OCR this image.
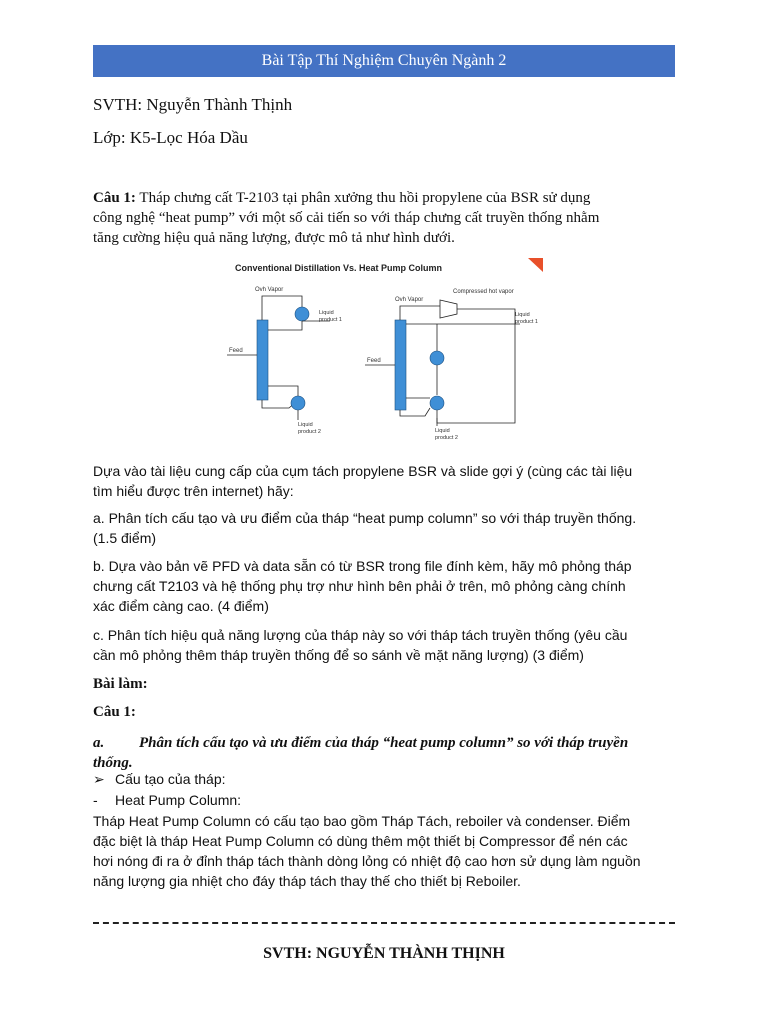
Bài Tập Thí Nghiệm Chuyên Ngành 2
SVTH: Nguyễn Thành Thịnh
Lớp: K5-Lọc Hóa Dầu
Câu 1: Tháp chưng cất T-2103 tại phân xưởng thu hồi propylene của BSR sử dụng
công nghệ “heat pump” với một số cải tiến so với tháp chưng cất truyền thống nhằm
tăng cường hiệu quả năng lượng, được mô tả như hình dưới.
Conventional Distillation Vs. Heat Pump Column
Ovh Vapor
Liquid
product 1
Feed
Liquid
product 2
Ovh Vapor
Compressed hot vapor
Liquid
product 1
Feed
Liquid
product 2
Dựa vào tài liệu cung cấp của cụm tách propylene BSR và slide gợi ý (cùng các tài liệu
tìm hiểu được trên internet) hãy:
a. Phân tích cấu tạo và ưu điểm của tháp “heat pump column” so với tháp truyền thống.
(1.5 điểm)
b. Dựa vào bản vẽ PFD và data sẵn có từ BSR trong file đính kèm, hãy mô phỏng tháp
chưng cất T2103 và hệ thống phụ trợ như hình bên phải ở trên, mô phỏng càng chính
xác điểm càng cao. (4 điểm)
c. Phân tích hiệu quả năng lượng của tháp này so với tháp tách truyền thống (yêu cầu
cần mô phỏng thêm tháp truyền thống để so sánh về mặt năng lượng) (3 điểm)
Bài làm:
Câu 1:
a. Phân tích cấu tạo và ưu điểm của tháp “heat pump column” so với tháp truyền
thống.
➢ Cấu tạo của tháp:
- Heat Pump Column:
Tháp Heat Pump Column có cấu tạo bao gồm Tháp Tách, reboiler và condenser. Điểm
đặc biệt là tháp Heat Pump Column có dùng thêm một thiết bị Compressor để nén các
hơi nóng đi ra ở đỉnh tháp tách thành dòng lỏng có nhiệt độ cao hơn sử dụng làm nguồn
năng lượng gia nhiệt cho đáy tháp tách thay thế cho thiết bị Reboiler.
SVTH: NGUYỄN THÀNH THỊNH
